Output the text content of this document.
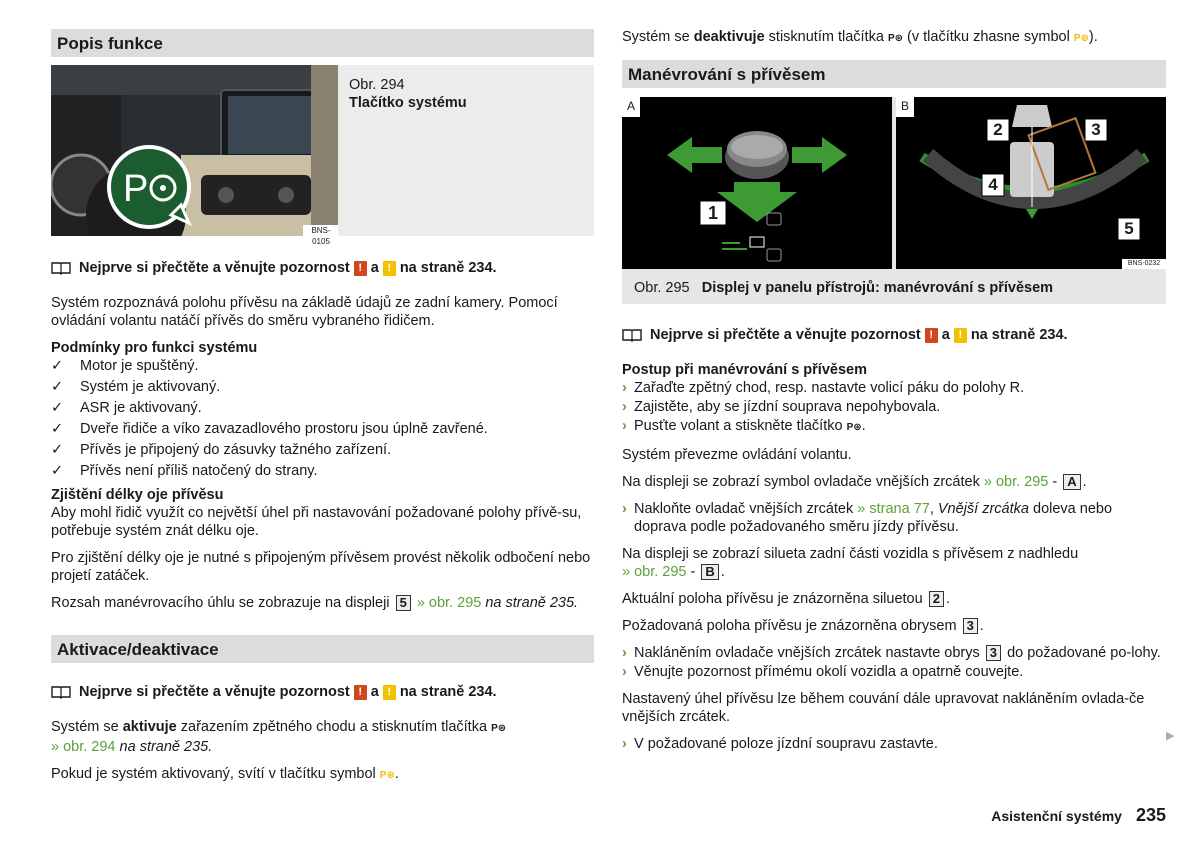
Popis funkce
P
BNS-0105
Obr. 294
Tlačítko systému
Nejprve si přečtěte a věnujte pozornost ! a ! na straně 234.

Systém rozpoznává polohu přívěsu na základě údajů ze zadní kamery. Pomocí ovládání volantu natáčí přívěs do směru vybraného řidičem.

Podmínky pro funkci systému
✓	Motor je spuštěný.
✓	Systém je aktivovaný.
✓	ASR je aktivovaný.
✓	Dveře řidiče a víko zavazadlového prostoru jsou úplně zavřené.
✓	Přívěs je připojený do zásuvky tažného zařízení.
✓	Přívěs není příliš natočený do strany.
Zjištění délky oje přívěsu

Aby mohl řidič využít co největší úhel při nastavování požadované polohy přívě-su, potřebuje systém znát délku oje.

Pro zjištění délky oje je nutné s připojeným přívěsem provést několik odbočení nebo projetí zatáček.

Rozsah manévrovacího úhlu se zobrazuje na displeji 5 » obr. 295 na straně 235.

Aktivace/deaktivace
Nejprve si přečtěte a věnujte pozornost ! a ! na straně 234.

Systém se aktivuje zařazením zpětného chodu a stisknutím tlačítka P⊛
» obr. 294 na straně 235.

Pokud je systém aktivovaný, svítí v tlačítku symbol P⊛.

Systém se deaktivuje stisknutím tlačítka P⊛ (v tlačítku zhasne symbol P⊛).

Manévrování s přívěsem
A	B
1
2	3
4
5
BNS-0232
Obr. 295 Displej v panelu přístrojů: manévrování s přívěsem
Nejprve si přečtěte a věnujte pozornost ! a ! na straně 234.
Postup při manévrování s přívěsem
› Zařaďte zpětný chod, resp. nastavte volicí páku do polohy R.
› Zajistěte, aby se jízdní souprava nepohybovala.
› Pusťte volant a stiskněte tlačítko P⊛.

Systém převezme ovládání volantu.

Na displeji se zobrazí symbol ovladače vnějších zrcátek » obr. 295 - A .

› Nakloňte ovladač vnějších zrcátek » strana 77, Vnější zrcátka doleva nebo doprava podle požadovaného směru jízdy přívěsu.

Na displeji se zobrazí silueta zadní části vozidla s přívěsem z nadhledu
» obr. 295 - B .

Aktuální poloha přívěsu je znázorněna siluetou 2 .

Požadovaná poloha přívěsu je znázorněna obrysem 3 .

› Nakláněním ovladače vnějších zrcátek nastavte obrys 3 do požadované po-lohy.
› Věnujte pozornost přímému okolí vozidla a opatrně couvejte.

Nastavený úhel přívěsu lze během couvání dále upravovat nakláněním ovlada-če vnějších zrcátek.

› V požadované poloze jízdní soupravu zastavte.	▶
Asistenční systémy 235
